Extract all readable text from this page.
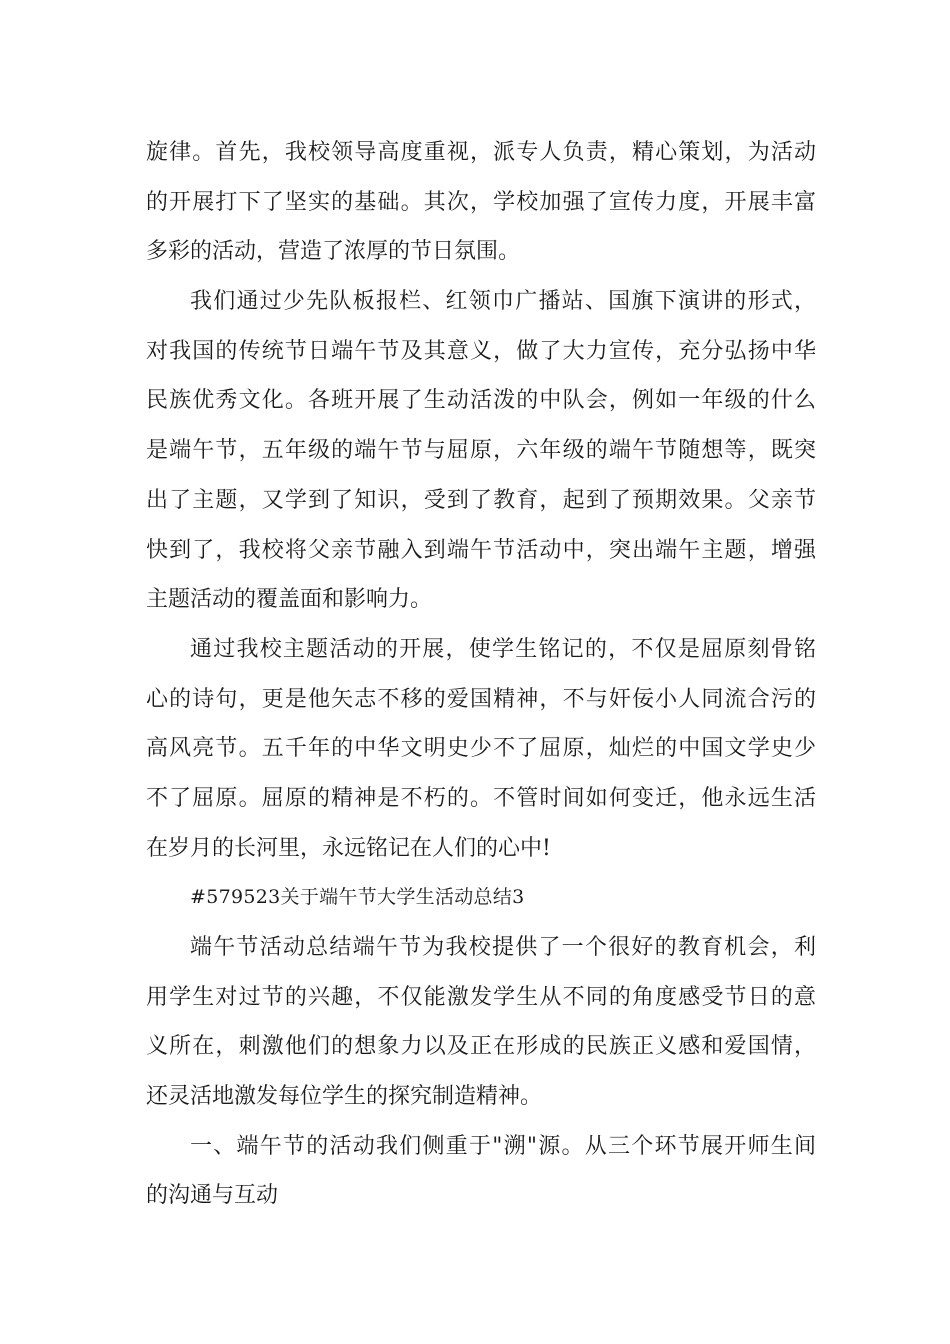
旋律。首先，我校领导高度重视，派专人负责，精心策划，为活动
的开展打下了坚实的基础。其次，学校加强了宣传力度，开展丰富
多彩的活动，营造了浓厚的节日氛围。
我们通过少先队板报栏、红领巾广播站、国旗下演讲的形式，
对我国的传统节日端午节及其意义，做了大力宣传，充分弘扬中华
民族优秀文化。各班开展了生动活泼的中队会，例如一年级的什么
是端午节，五年级的端午节与屈原，六年级的端午节随想等，既突
出了主题，又学到了知识，受到了教育，起到了预期效果。父亲节
快到了，我校将父亲节融入到端午节活动中，突出端午主题，增强
主题活动的覆盖面和影响力。
通过我校主题活动的开展，使学生铭记的，不仅是屈原刻骨铭
心的诗句，更是他矢志不移的爱国精神，不与奸佞小人同流合污的
高风亮节。五千年的中华文明史少不了屈原，灿烂的中国文学史少
不了屈原。屈原的精神是不朽的。不管时间如何变迁，他永远生活
在岁月的长河里，永远铭记在人们的心中!
#579523关于端午节大学生活动总结3
端午节活动总结端午节为我校提供了一个很好的教育机会，利
用学生对过节的兴趣，不仅能激发学生从不同的角度感受节日的意
义所在，刺激他们的想象力以及正在形成的民族正义感和爱国情，
还灵活地激发每位学生的探究制造精神。
一、端午节的活动我们侧重于"溯"源。从三个环节展开师生间
的沟通与互动
